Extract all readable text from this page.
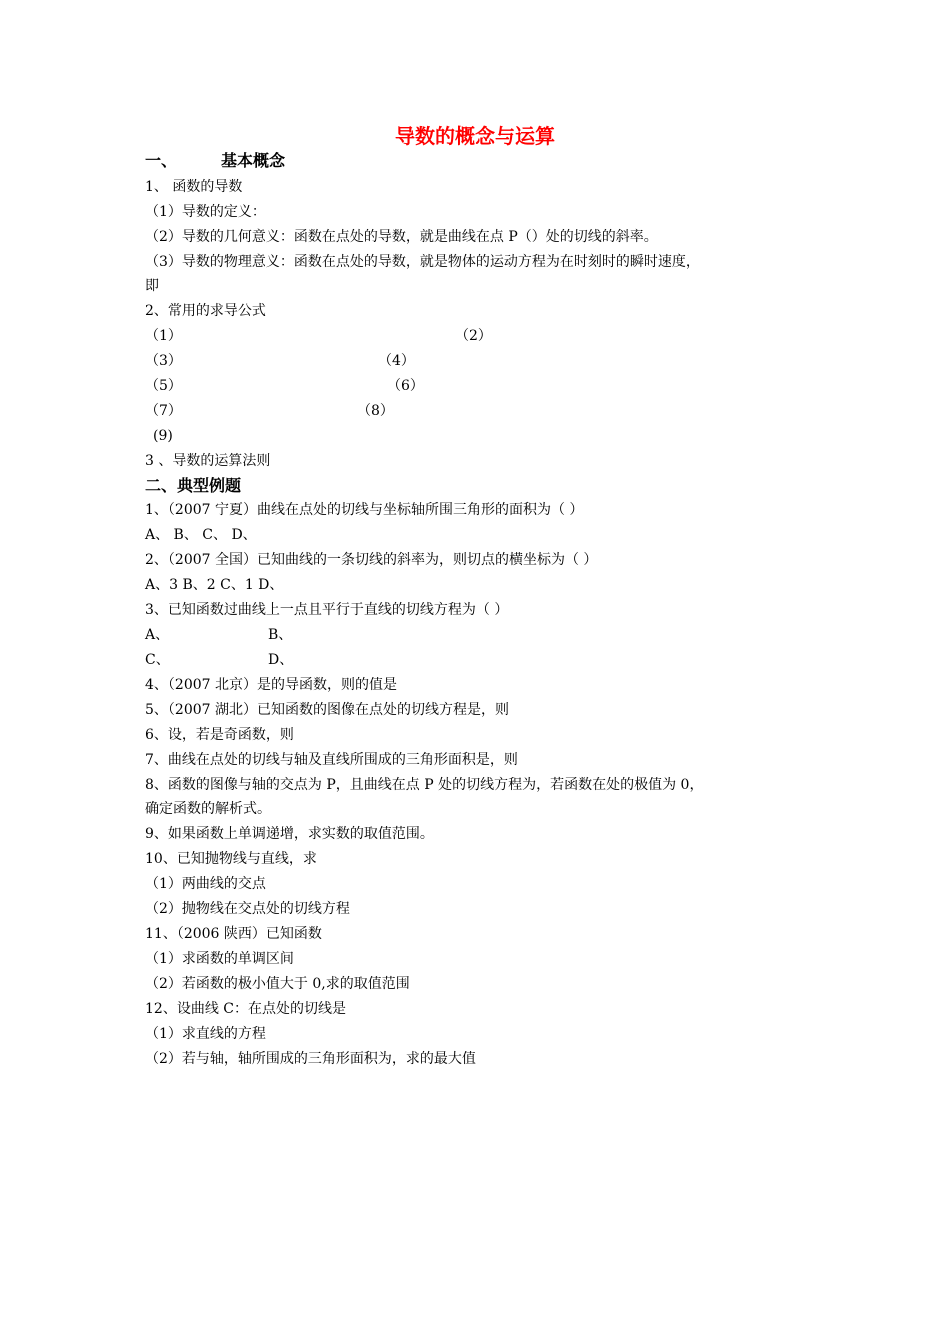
导数的概念与运算
一、	基本概念
1、 函数的导数
（1）导数的定义：
（2）导数的几何意义：函数在点处的导数，就是曲线在点 P（）处的切线的斜率。
（3）导数的物理意义：函数在点处的导数，就是物体的运动方程为在时刻时的瞬时速度，
即
2、常用的求导公式
（1）	（2）
（3）	（4）
（5）	（6）
（7）	（8）
(9)
3 、导数的运算法则
二、典型例题
1、（2007 宁夏）曲线在点处的切线与坐标轴所围三角形的面积为（ ）
A、 B、 C、 D、
2、（2007 全国）已知曲线的一条切线的斜率为，则切点的横坐标为（ ）
A、3 B、2 C、1 D、
3、已知函数过曲线上一点且平行于直线的切线方程为（ ）
A、	B、
C、	D、
4、（2007 北京）是的导函数，则的值是
5、（2007 湖北）已知函数的图像在点处的切线方程是，则
6、设，若是奇函数，则
7、曲线在点处的切线与轴及直线所围成的三角形面积是，则
8、函数的图像与轴的交点为 P，且曲线在点 P 处的切线方程为，若函数在处的极值为 0，
确定函数的解析式。
9、如果函数上单调递增，求实数的取值范围。
10、已知抛物线与直线，求
（1）两曲线的交点
（2）抛物线在交点处的切线方程
11、（2006 陕西）已知函数
（1）求函数的单调区间
（2）若函数的极小值大于 0,求的取值范围
12、设曲线 C：在点处的切线是
（1）求直线的方程
（2）若与轴，轴所围成的三角形面积为，求的最大值
